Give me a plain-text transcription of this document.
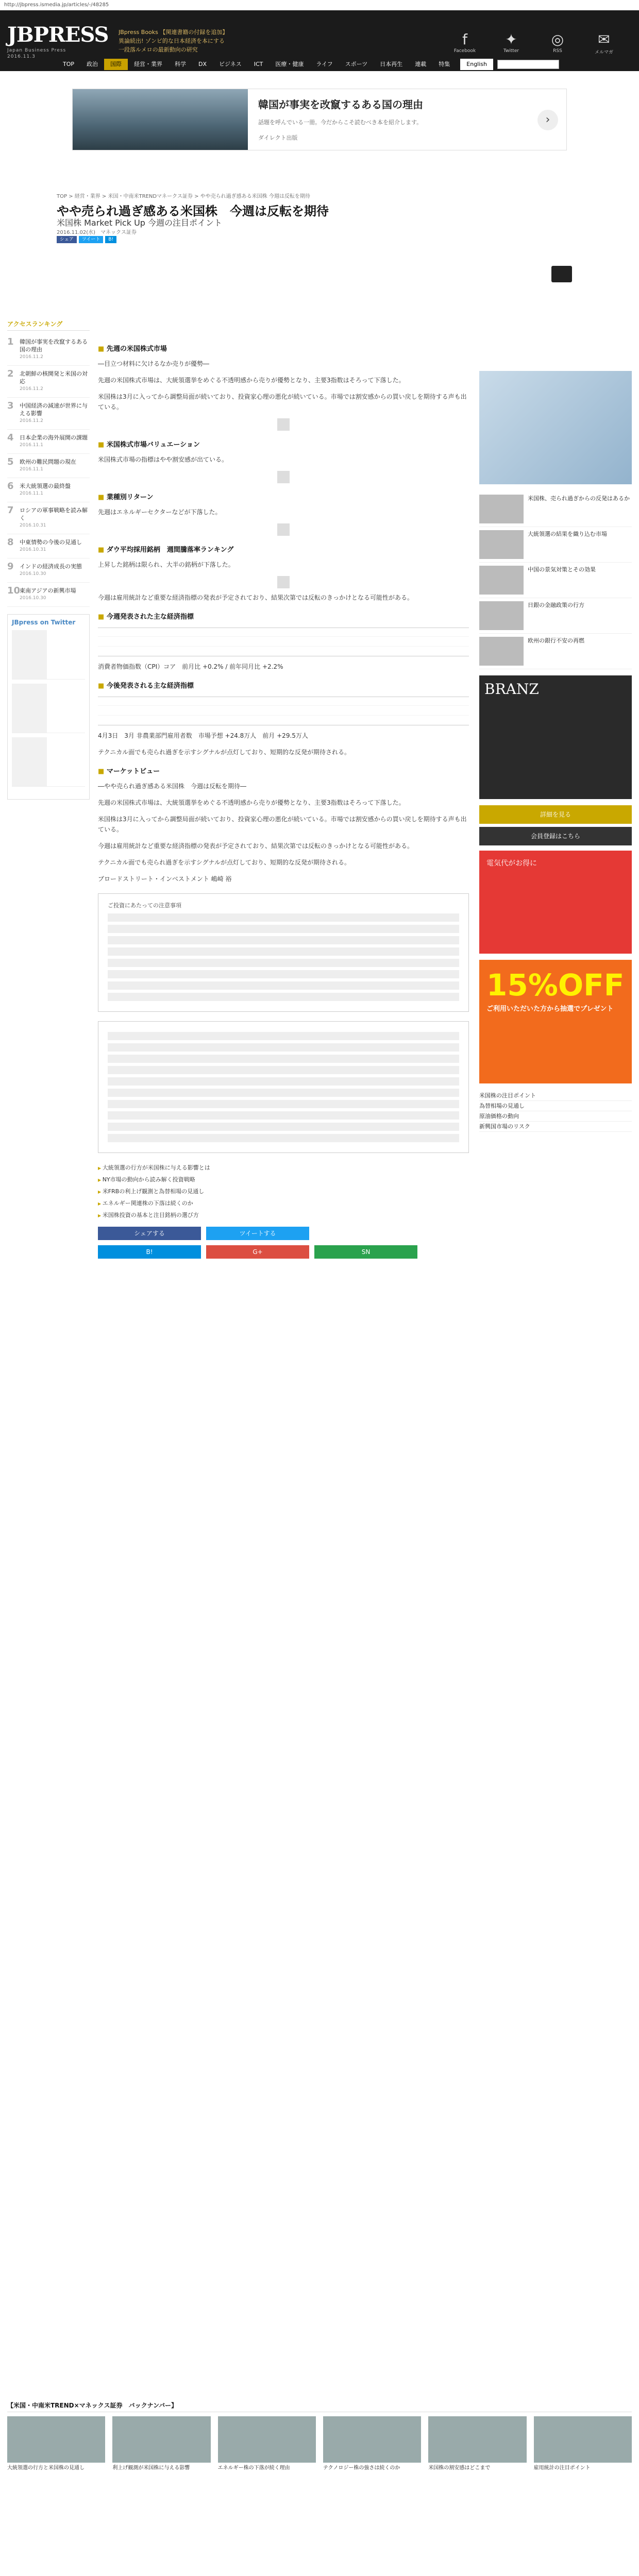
http://jbpress.ismedia.jp/articles/-/48285
JBPRESS
Japan Business Press
2016.11.3
JBpress Books 【関連書籍の付録を追加】
異論続出! ゾンビ的な日本経済を本にする
一段落ルメロの最新動向の研究
f
Facebook
✦
Twitter
◎
RSS
✉
メルマガ
TOP	政治	国際	経営・業界	科学	DX	ビジネス	ICT	医療・健康	ライフ	スポーツ	日本再生	連載	特集	English
韓国が事実を改竄するある国の理由
話題を呼んでいる一冊。今だからこそ読むべき本を紹介します。
ダイレクト出版
›
TOP > 経営・業界 > 米国・中南米TRENDマネークス証券 > やや売られ過ぎ感ある米国株 今週は反転を期待
やや売られ過ぎ感ある米国株　今週は反転を期待
米国株 Market Pick Up 今週の注目ポイント
2016.11.02(水)　 マネックス証券
シェア	ツイート	B!
アクセスランキング
1	韓国が事実を改竄するある国の理由
2016.11.2
2	北朝鮮の核開発と米国の対応
2016.11.2
3	中国経済の減速が世界に与える影響
2016.11.2
4	日本企業の海外展開の課題
2016.11.1
5	欧州の難民問題の現在
2016.11.1
6	米大統領選の最終盤
2016.11.1
7	ロシアの軍事戦略を読み解く
2016.10.31
8	中東情勢の今後の見通し
2016.10.31
9	インドの経済成長の実態
2016.10.30
10
東南アジアの新興市場
2016.10.30
JBpress on Twitter
■ 先週の米国株式市場

―目立つ材料に欠けるなか売りが優勢―

先週の米国株式市場は、大統領選挙をめぐる不透明感から売りが優勢となり、主要3指数はそろって下落した。

米国株は3月に入ってから調整局面が続いており、投資家心理の悪化が続いている。市場では割安感からの買い戻しを期待する声も出ている。

■ 米国株式市場バリュエーション

米国株式市場の指標はやや割安感が出ている。

■ 業種別リターン

先週はエネルギーセクターなどが下落した。

■ ダウ平均採用銘柄　週間騰落率ランキング

上昇した銘柄は限られ、大半の銘柄が下落した。

今週は雇用統計など重要な経済指標の発表が予定されており、結果次第では反転のきっかけとなる可能性がある。

■ 今週発表された主な経済指標

消費者物価指数（CPI）コア　前月比 +0.2% / 前年同月比 +2.2%

■ 今後発表される主な経済指標

4月3日　3月 非農業部門雇用者数　市場予想 +24.8万人　前月 +29.5万人

テクニカル面でも売られ過ぎを示すシグナルが点灯しており、短期的な反発が期待される。

■ マーケットビュー

―やや売られ過ぎ感ある米国株　今週は反転を期待―

先週の米国株式市場は、大統領選挙をめぐる不透明感から売りが優勢となり、主要3指数はそろって下落した。

米国株は3月に入ってから調整局面が続いており、投資家心理の悪化が続いている。市場では割安感からの買い戻しを期待する声も出ている。

今週は雇用統計など重要な経済指標の発表が予定されており、結果次第では反転のきっかけとなる可能性がある。

テクニカル面でも売られ過ぎを示すシグナルが点灯しており、短期的な反発が期待される。

ブロードストリート・インベストメント 嶋崎 裕

ご投資にあたっての注意事項
▶ 大統領選の行方が米国株に与える影響とは
▶ NY市場の動向から読み解く投資戦略
▶ 米FRBの利上げ観測と為替相場の見通し
▶ エネルギー関連株の下落は続くのか
▶ 米国株投資の基本と注目銘柄の選び方
シェアする	ツイートする
B!	G+	SN
米国株、売られ過ぎからの反発はあるか
大統領選の結果を織り込む市場
中国の景気対策とその効果
日銀の金融政策の行方
欧州の銀行不安の再燃
BRANZ
詳細を見る
会員登録はこちら
電気代がお得に
15%OFF
ご利用いただいた方から抽選でプレゼント
米国株の注目ポイント
為替相場の見通し
原油価格の動向
新興国市場のリスク
【米国・中南米TREND×マネックス証券　バックナンバー】
大統領選の行方と米国株の見通し	利上げ観測が米国株に与える影響	エネルギー株の下落が続く理由	テクノロジー株の強さは続くのか	米国株の割安感はどこまで	雇用統計の注目ポイント
